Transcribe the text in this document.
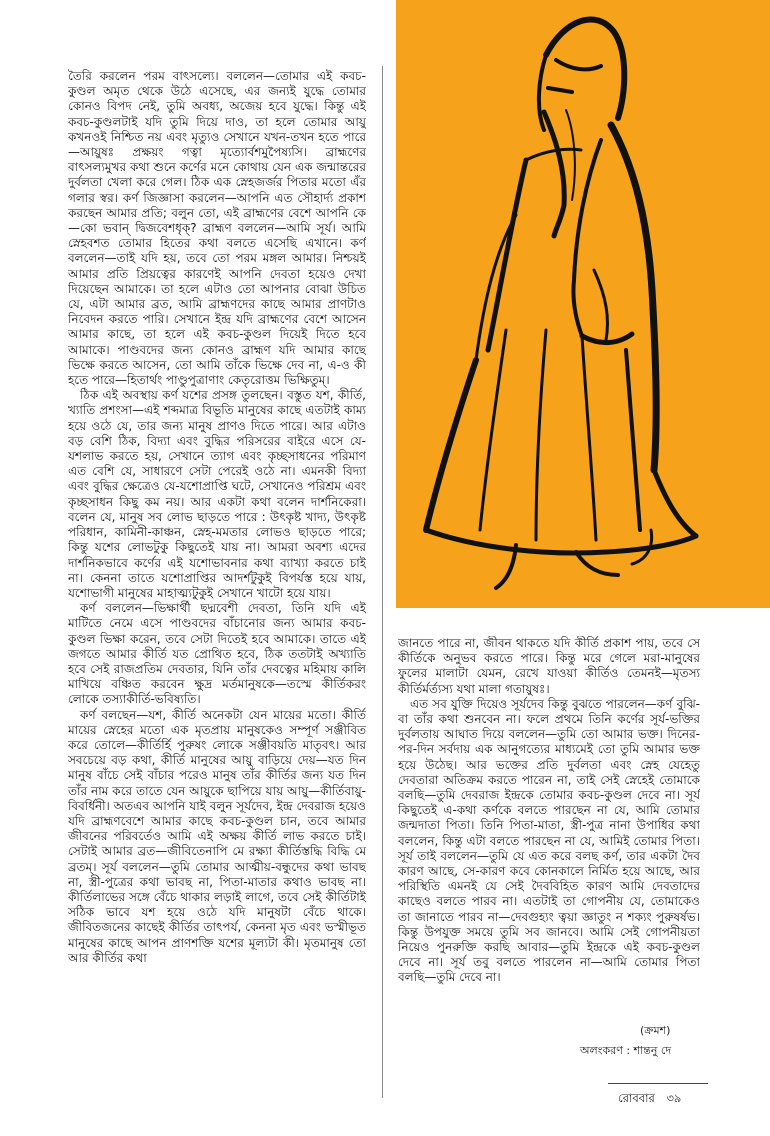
তৈরি করলেন পরম বাৎসল্যে। বললেন—তোমার এই কবচ-কুণ্ডল অমৃত থেকে উঠে এসেছে, এর জন্যই যুদ্ধে তোমার কোনও বিপদ নেই, তুমি অবধ্য, অজেয় হবে যুদ্ধে। কিন্তু এই কবচ-কুণ্ডলটাই যদি তুমি দিয়ে দাও, তা হলে তোমার আয়ু কখনওই নিশ্চিত নয় এবং মৃত্যুও সেখানে যখন-তখন হতে পারে—আয়ুষঃ প্রক্ষয়ং গত্বা মৃত্যোর্বশমুপৈষ্যসি। ব্রাহ্মণের বাৎসল্যমুখর কথা শুনে কর্ণের মনে কোথায় যেন এক জন্মান্তরের দুর্বলতা খেলা করে গেল। ঠিক এক স্নেহজর্জর পিতার মতো এঁর গলার স্বর। কর্ণ জিজ্ঞাসা করলেন—আপনি এত সৌহার্দ্য প্রকাশ করছেন আমার প্রতি; বলুন তো, এই ব্রাহ্মণের বেশে আপনি কে—কো ভবান্‌ দ্বিজবেশধৃক্‌? ব্রাহ্মণ বললেন—আমি সূর্য। আমি স্নেহবশত তোমার হিতের কথা বলতে এসেছি এখানে। কর্ণ বললেন—তাই যদি হয়, তবে তো পরম মঙ্গল আমার। নিশ্চয়ই আমার প্রতি প্রিয়ত্বের কারণেই আপনি দেবতা হয়েও দেখা দিয়েছেন আমাকে। তা হলে এটাও তো আপনার বোঝা উচিত যে, এটা আমার ব্রত, আমি ব্রাহ্মণদের কাছে আমার প্রাণটাও নিবেদন করতে পারি। সেখানে ইন্দ্র যদি ব্রাহ্মণের বেশে আসেন আমার কাছে, তা হলে এই কবচ-কুণ্ডল দিয়েই দিতে হবে আমাকে। পাণ্ডবদের জন্য কোনও ব্রাহ্মণ যদি আমার কাছে ভিক্ষে করতে আসেন, তো আমি তাঁকে ভিক্ষে দেব না, এ-ও কী হতে পারে—হিতার্থং পাণ্ডুপুত্রাণাং কেতৃরোত্তম ভিক্ষিতুম্‌।

ঠিক এই অবস্থায় কর্ণ যশের প্রসঙ্গ তুলছেন। বস্তুত যশ, কীর্তি, খ্যাতি প্রশংসা—এই শব্দমাত্র বিভূতি মানুষের কাছে এতটাই কাম্য হয়ে ওঠে যে, তার জন্য মানুষ প্রাণও দিতে পারে। আর এটাও বড় বেশি ঠিক, বিদ্যা এবং বুদ্ধির পরিসরের বাইরে এসে যে-যশলাভ করতে হয়, সেখানে ত্যাগ এবং কৃচ্ছসাধনের পরিমাণ এত বেশি যে, সাধারণে সেটা পেরেই ওঠে না। এমনকী বিদ্যা এবং বুদ্ধির ক্ষেত্রেও যে-যশোপ্রাপ্তি ঘটে, সেখানেও পরিশ্রম এবং কৃচ্ছসাধন কিছু কম নয়। আর একটা কথা বলেন দার্শনিকেরা। বলেন যে, মানুষ সব লোভ ছাড়তে পারে : উৎকৃষ্ট খাদ্য, উৎকৃষ্ট পরিধান, কামিনী-কাঞ্চন, স্নেহ-মমতার লোভও ছাড়তে পারে; কিন্তু যশের লোভটুকু কিছুতেই যায় না। আমরা অবশ্য এদের দার্শনিকভাবে কর্ণের এই যশোভাবনার কথা ব্যাখ্যা করতে চাই না। কেননা তাতে যশোপ্রাপ্তির আদর্শটুকুই বিপর্যস্ত হয়ে যায়, যশোভাগী মানুষের মাহাত্ম্যটুকুই সেখানে খাটো হয়ে যায়।

কর্ণ বললেন—ভিক্ষার্থী ছদ্মবেশী দেবতা, তিনি যদি এই মাটিতে নেমে এসে পাণ্ডবদের বাঁচানোর জন্য আমার কবচ-কুণ্ডল ভিক্ষা করেন, তবে সেটা দিতেই হবে আমাকে। তাতে এই জগতে আমার কীর্তি যত প্রোথিত হবে, ঠিক ততটাই অখ্যাতি হবে সেই রাজপ্রতিম দেবতার, যিনি তাঁর দেবত্বের মহিমায় কালি মাখিয়ে বঞ্চিত করবেন ক্ষুদ্র মর্তমানুষকে—তস্মে কীর্তিকরং লোকে তস্যাকীর্তি-ভবিষ্যতি।

কর্ণ বলছেন—যশ, কীর্তি অনেকটা যেন মায়ের মতো। কীর্তি মায়ের স্নেহের মতো এক মৃতপ্রায় মানুষকেও সম্পূর্ণ সঞ্জীবিত করে তোলে—কীর্তির্হি পুরুষং লোকে সঞ্জীবয়তি মাতৃবৎ। আর সবচেয়ে বড় কথা, কীর্তি মানুষের আয়ু বাড়িয়ে দেয়—যত দিন মানুষ বাঁচে সেই বাঁচার পরেও মানুষ তাঁর কীর্তির জন্য যত দিন তাঁর নাম করে তাতে যেন আয়ুকে ছাপিয়ে যায় আয়ু—কীর্তিবায়ু-বিবর্ধিনী। অতএব আপনি যাই বলুন সূর্যদেব, ইন্দ্র দেবরাজ হয়েও যদি ব্রাহ্মণবেশে আমার কাছে কবচ-কুণ্ডল চান, তবে আমার জীবনের পরিবর্তেও আমি এই অক্ষয় কীর্তি লাভ করতে চাই। সেটাই আমার ব্রত—জীবিতেনাপি মে রক্ষ্যা কীর্তিস্তদ্ধি বিদ্ধি মে ব্রতম্‌। সূর্য বললেন—তুমি তোমার আত্মীয়-বন্ধুদের কথা ভাবছ না, স্ত্রী-পুত্রের কথা ভাবছ না, পিতা-মাতার কথাও ভাবছ না। কীর্তিলাভের সঙ্গে বেঁচে থাকার লড়াই লাগে, তবে সেই কীর্তিটাই সঠিক ভাবে যশ হয়ে ওঠে যদি মানুষটা বেঁচে থাকে। জীবিতজনের কাছেই কীর্তির তাৎপর্য, কেননা মৃত এবং ভস্মীভূত মানুষের কাছে আপন প্রাণশক্তি যশের মূল্যটা কী। মৃতমানুষ তো আর কীর্তির কথা

জানতে পারে না, জীবন থাকতে যদি কীর্তি প্রকাশ পায়, তবে সে কীর্তিকে অনুভব করতে পারে। কিন্তু মরে গেলে মরা-মানুষের ফুলের মালাটা যেমন, রেখে যাওয়া কীর্তিও তেমনই—মৃতস্য কীর্তির্মর্ত্যস্য যথা মালা গতায়ুষঃ।

এত সব যুক্তি দিয়েও সূর্যদেব কিন্তু বুঝতে পারলেন—কর্ণ বুঝি-বা তাঁর কথা শুনবেন না। ফলে প্রথমে তিনি কর্ণের সূর্য-ভক্তির দুর্বলতায় আঘাত দিয়ে বললেন—তুমি তো আমার ভক্ত। দিনের-পর-দিন সর্বদায় এক আনুগত্যের মাধ্যমেই তো তুমি আমার ভক্ত হয়ে উঠেছ। আর ভক্তের প্রতি দুর্বলতা এবং স্নেহ যেহেতু দেবতারা অতিক্রম করতে পারেন না, তাই সেই স্নেহেই তোমাকে বলছি—তুমি দেবরাজ ইন্দ্রকে তোমার কবচ-কুণ্ডল দেবে না। সূর্য কিছুতেই এ-কথা কর্ণকে বলতে পারছেন না যে, আমি তোমার জন্মদাতা পিতা। তিনি পিতা-মাতা, স্ত্রী-পুত্র নানা উপাধির কথা বললেন, কিন্তু এটা বলতে পারছেন না যে, আমিই তোমার পিতা। সূর্য তাই বললেন—তুমি যে এত করে বলছ কর্ণ, তার একটা দৈব কারণ আছে, সে-কারণ কবে কোনকালে নির্মিত হয়ে আছে, আর পরিস্থিতি এমনই যে সেই দৈববিহিত কারণ আমি দেবতাদের কাছেও বলতে পারব না। এতটাই তা গোপনীয় যে, তোমাকেও তা জানাতে পারব না—দেবগুহ্যং ত্বয়া জ্ঞাতুং ন শক্যং পুরুষর্ষভ। কিন্তু উপযুক্ত সময়ে তুমি সব জানবে। আমি সেই গোপনীয়তা নিয়েও পুনরুক্তি করছি আবার—তুমি ইন্দ্রকে এই কবচ-কুণ্ডল দেবে না। সূর্য তবু বলতে পারলেন না—আমি তোমার পিতা বলছি—তুমি দেবে না।

(ক্রমশ)
অলংকরণ : শান্তনু দে
রোববার ৩৯
